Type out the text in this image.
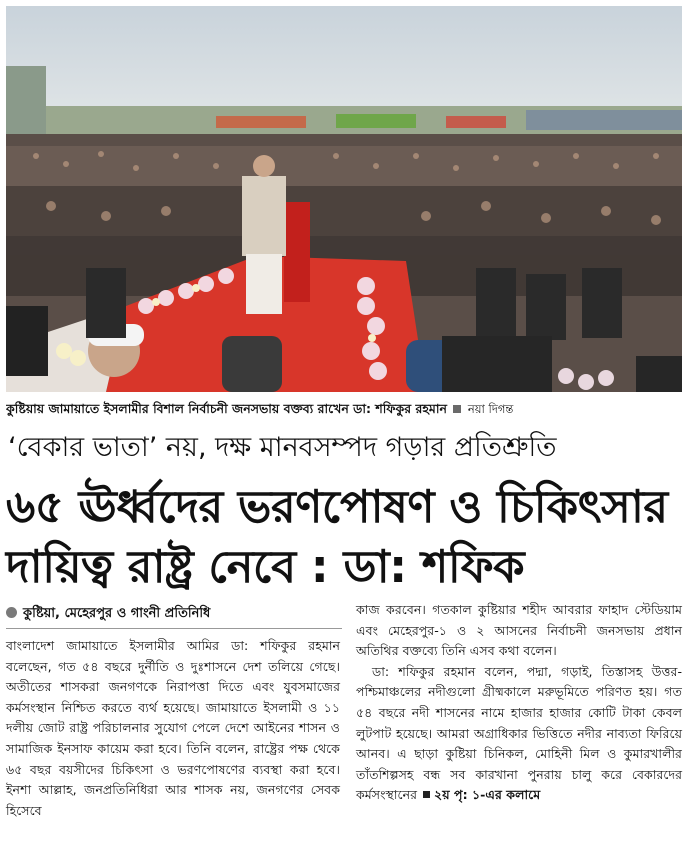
কুষ্টিয়ায় জামায়াতে ইসলামীর বিশাল নির্বাচনী জনসভায় বক্তব্য রাখেন ডা: শফিকুর রহমান নয়া দিগন্ত
‘বেকার ভাতা’ নয়, দক্ষ মানবসম্পদ গড়ার প্রতিশ্রুতি
৬৫ ঊর্ধ্বদের ভরণপোষণ ও চিকিৎসার
দায়িত্ব রাষ্ট্র নেবে : ডা: শফিক
কুষ্টিয়া, মেহেরপুর ও গাংনী প্রতিনিধি

বাংলাদেশ জামায়াতে ইসলামীর আমির ডা: শফিকুর রহমান বলেছেন, গত ৫৪ বছরে দুর্নীতি ও দুঃশাসনে দেশ তলিয়ে গেছে। অতীতের শাসকরা জনগণকে নিরাপত্তা দিতে এবং যুবসমাজের কর্মসংস্থান নিশ্চিত করতে ব্যর্থ হয়েছে। জামায়াতে ইসলামী ও ১১ দলীয় জোট রাষ্ট্র পরিচালনার সুযোগ পেলে দেশে আইনের শাসন ও সামাজিক ইনসাফ কায়েম করা হবে। তিনি বলেন, রাষ্ট্রের পক্ষ থেকে ৬৫ বছর বয়সীদের চিকিৎসা ও ভরণপোষণের ব্যবস্থা করা হবে। ইনশা আল্লাহ, জনপ্রতিনিধিরা আর শাসক নয়, জনগণের সেবক হিসেবে

কাজ করবেন। গতকাল কুষ্টিয়ার শহীদ আবরার ফাহাদ স্টেডিয়াম এবং মেহেরপুর-১ ও ২ আসনের নির্বাচনী জনসভায় প্রধান অতিথির বক্তব্যে তিনি এসব কথা বলেন।

ডা: শফিকুর রহমান বলেন, পদ্মা, গড়াই, তিস্তাসহ উত্তর-পশ্চিমাঞ্চলের নদীগুলো গ্রীষ্মকালে মরুভূমিতে পরিণত হয়। গত ৫৪ বছরে নদী শাসনের নামে হাজার হাজার কোটি টাকা কেবল লুটপাট হয়েছে। আমরা অগ্রাধিকার ভিত্তিতে নদীর নাব্যতা ফিরিয়ে আনব। এ ছাড়া কুষ্টিয়া চিনিকল, মোহিনী মিল ও কুমারখালীর তাঁতশিল্পসহ বন্ধ সব কারখানা পুনরায় চালু করে বেকারদের কর্মসংস্থানের ২য় পৃ: ১-এর কলামে
